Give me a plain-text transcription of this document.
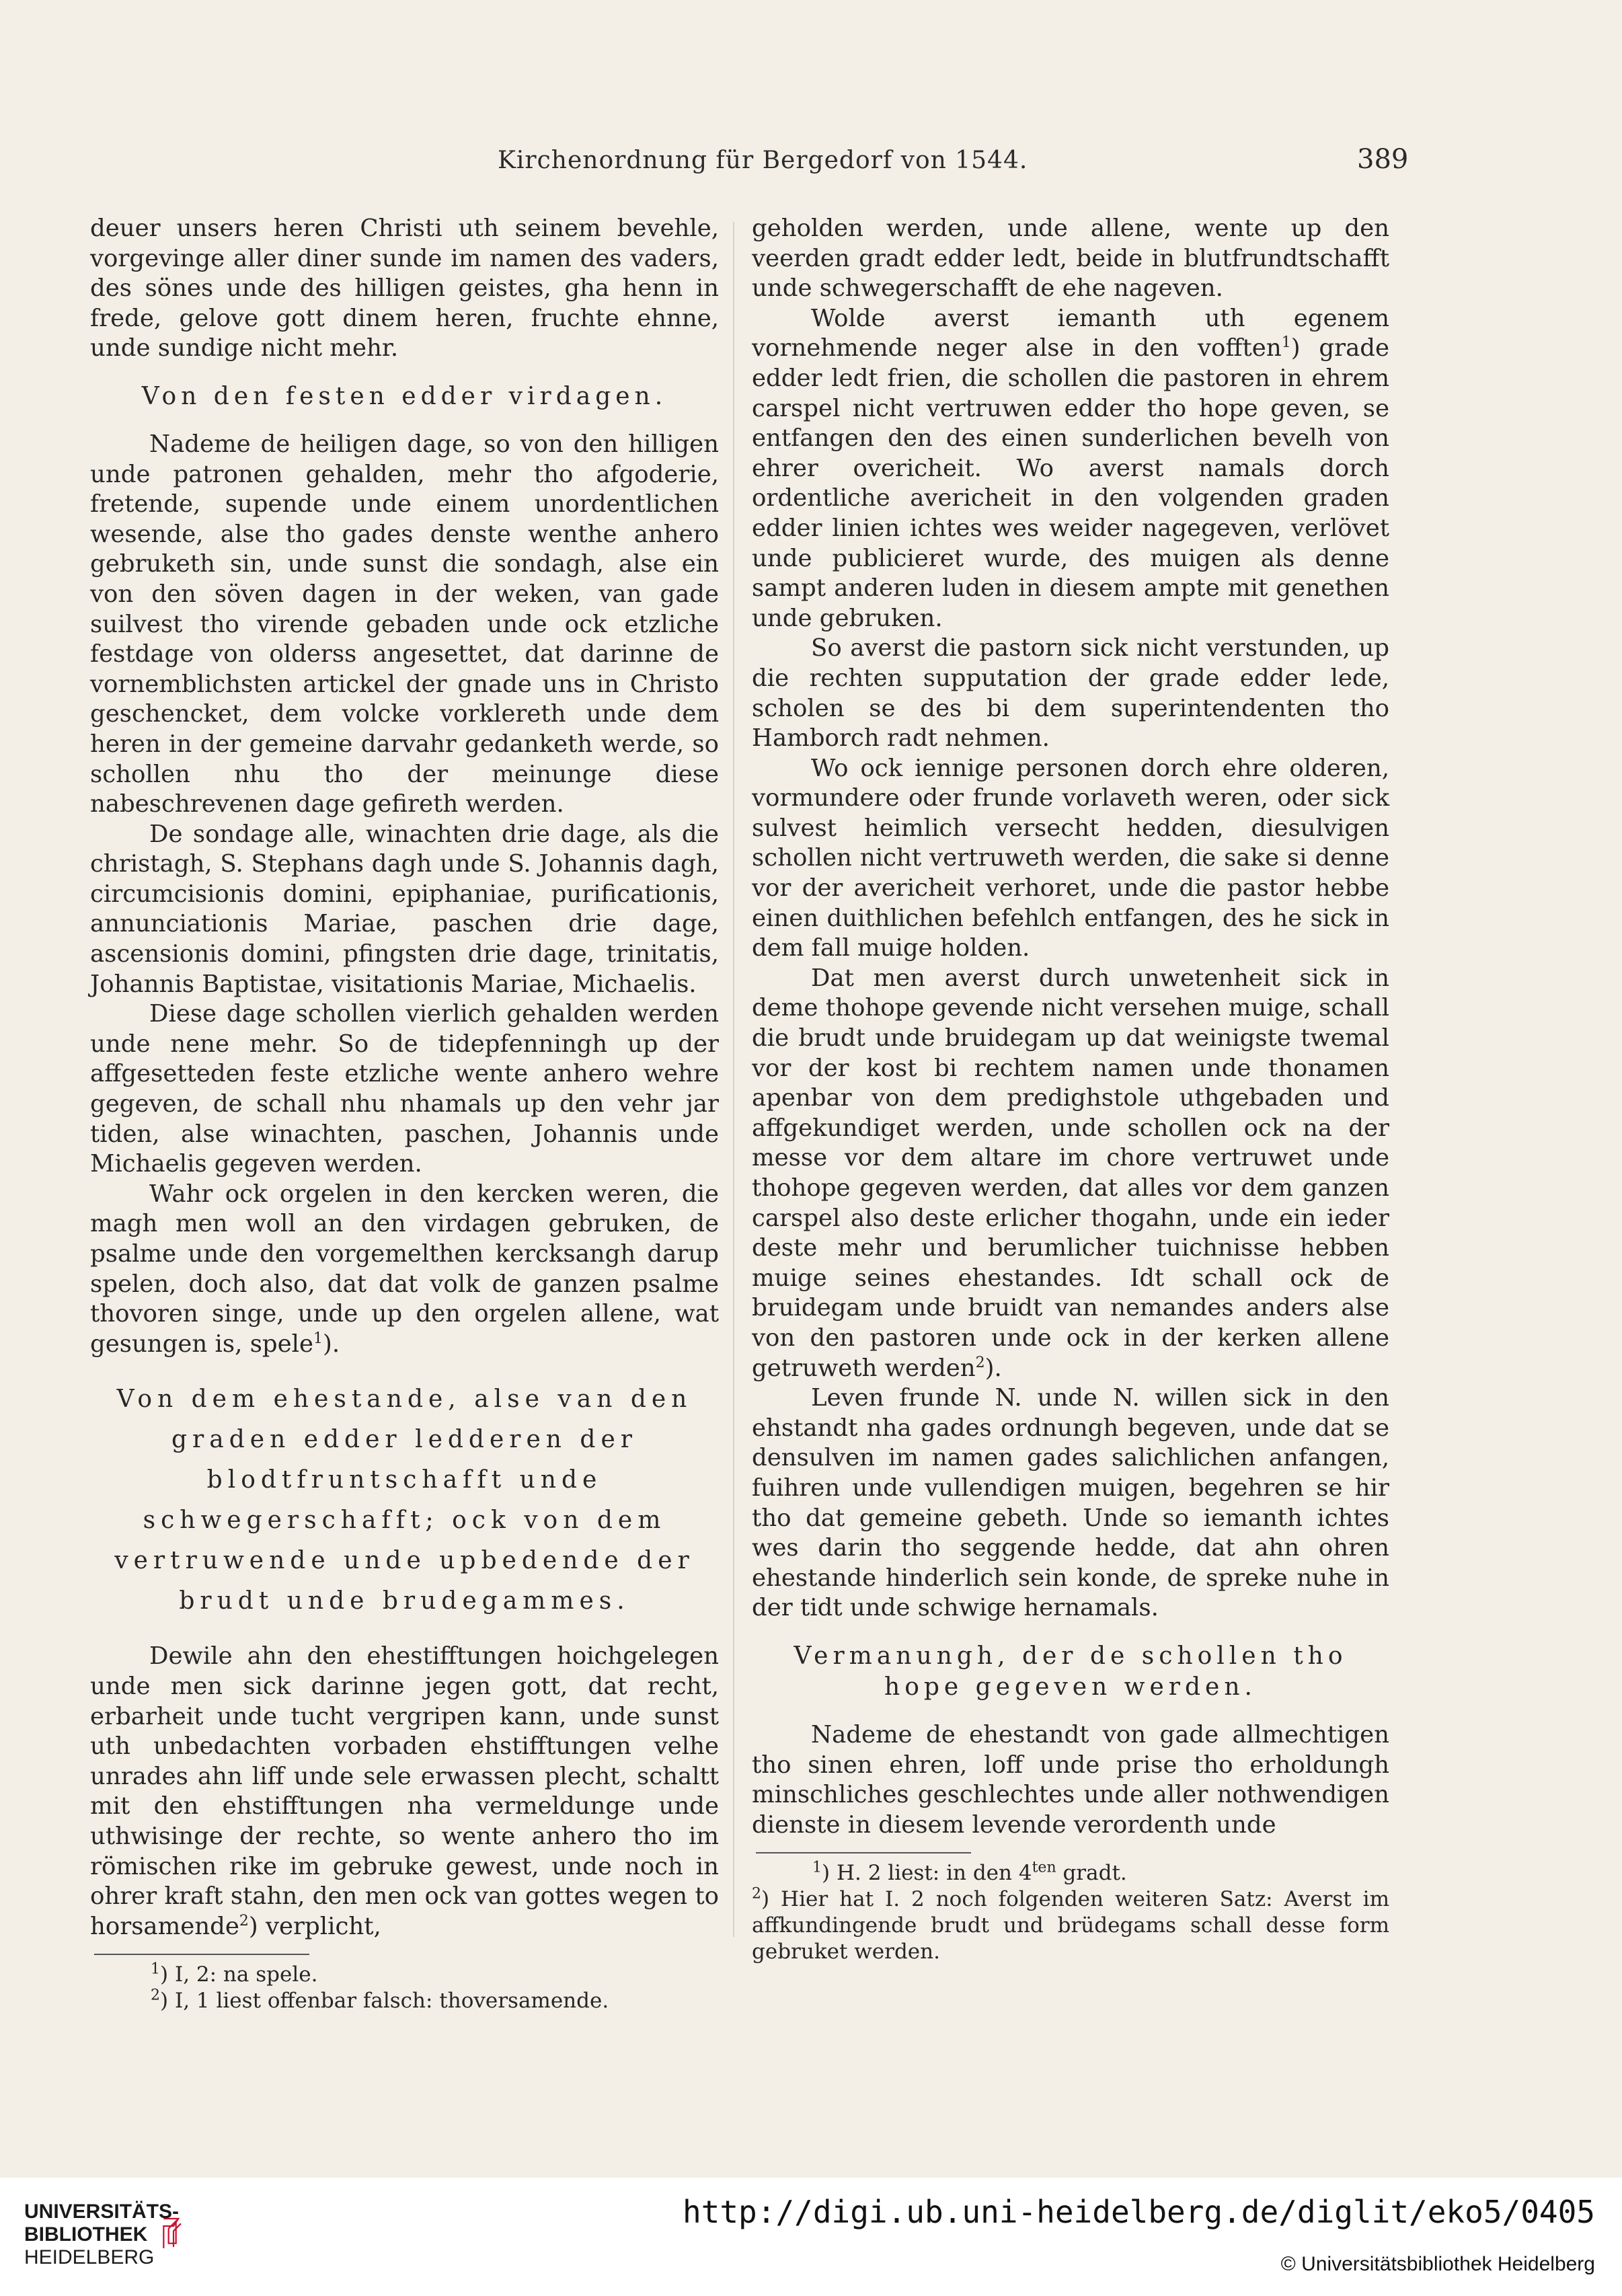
Kirchenordnung für Bergedorf von 1544.	389

deuer unsers heren Christi uth seinem bevehle, vorgevinge aller diner sunde im namen des vaders, des sönes unde des hilligen geistes, gha henn in frede, gelove gott dinem heren, fruchte ehnne, unde sundige nicht mehr.

Von den festen edder virdagen.

Nademe de heiligen dage, so von den hilligen unde patronen gehalden, mehr tho afgoderie, fretende, supende unde einem unordentlichen wesende, alse tho gades denste wenthe anhero gebruketh sin, unde sunst die sondagh, alse ein von den söven dagen in der weken, van gade suilvest tho virende gebaden unde ock etzliche festdage von olderss angesettet, dat darinne de vornemblichsten artickel der gnade uns in Christo geschencket, dem volcke vorklereth unde dem heren in der gemeine darvahr gedanketh werde, so schollen nhu tho der meinunge diese nabeschrevenen dage gefireth werden.

De sondage alle, winachten drie dage, als die christagh, S. Stephans dagh unde S. Johannis dagh, circumcisionis domini, epiphaniae, purificationis, annunciationis Mariae, paschen drie dage, ascensionis domini, pfingsten drie dage, trinitatis, Johannis Baptistae, visitationis Mariae, Michaelis.

Diese dage schollen vierlich gehalden werden unde nene mehr. So de tidepfenningh up der affgesetteden feste etzliche wente anhero wehre gegeven, de schall nhu nhamals up den vehr jar tiden, alse winachten, paschen, Johannis unde Michaelis gegeven werden.

Wahr ock orgelen in den kercken weren, die magh men woll an den virdagen gebruken, de psalme unde den vorgemelthen kercksangh darup spelen, doch also, dat dat volk de ganzen psalme thovoren singe, unde up den orgelen allene, wat gesungen is, spele$^1$).

Von dem ehestande, alse van den graden edder ledderen der blodtfruntschafft unde schwegerschafft; ock von dem vertruwende unde upbedende der brudt unde brudegammes.

Dewile ahn den ehestifftungen hoichgelegen unde men sick darinne jegen gott, dat recht, erbarheit unde tucht vergripen kann, unde sunst uth unbedachten vorbaden ehstifftungen velhe unrades ahn liff unde sele erwassen plecht, schaltt mit den ehstifftungen nha vermeldunge unde uthwisinge der rechte, so wente anhero tho im römischen rike im gebruke gewest, unde noch in ohrer kraft stahn, den men ock van gottes wegen to horsamende$^2$) verplicht,

$^1$) I, 2: na spele.

$^2$) I, 1 liest offenbar falsch: thoversamende.

geholden werden, unde allene, wente up den veerden gradt edder ledt, beide in blutfrundtschafft unde schwegerschafft de ehe nageven.

Wolde averst iemanth uth egenem vornehmende neger alse in den vofften$^1$) grade edder ledt frien, die schollen die pastoren in ehrem carspel nicht vertruwen edder tho hope geven, se entfangen den des einen sunderlichen bevelh von ehrer overicheit. Wo averst namals dorch ordentliche avericheit in den volgenden graden edder linien ichtes wes weider nagegeven, verlövet unde publicieret wurde, des muigen als denne sampt anderen luden in diesem ampte mit genethen unde gebruken.

So averst die pastorn sick nicht verstunden, up die rechten supputation der grade edder lede, scholen se des bi dem superintendenten tho Hamborch radt nehmen.

Wo ock iennige personen dorch ehre olderen, vormundere oder frunde vorlaveth weren, oder sick sulvest heimlich versecht hedden, diesulvigen schollen nicht vertruweth werden, die sake si denne vor der avericheit verhoret, unde die pastor hebbe einen duithlichen befehlch entfangen, des he sick in dem fall muige holden.

Dat men averst durch unwetenheit sick in deme thohope gevende nicht versehen muige, schall die brudt unde bruidegam up dat weinigste twemal vor der kost bi rechtem namen unde thonamen apenbar von dem predighstole uthgebaden und affgekundiget werden, unde schollen ock na der messe vor dem altare im chore vertruwet unde thohope gegeven werden, dat alles vor dem ganzen carspel also deste erlicher thogahn, unde ein ieder deste mehr und berumlicher tuichnisse hebben muige seines ehestandes. Idt schall ock de bruidegam unde bruidt van nemandes anders alse von den pastoren unde ock in der kerken allene getruweth werden$^2$).

Leven frunde N. unde N. willen sick in den ehstandt nha gades ordnungh begeven, unde dat se densulven im namen gades salichlichen anfangen, fuihren unde vullendigen muigen, begehren se hir tho dat gemeine gebeth. Unde so iemanth ichtes wes darin tho seggende hedde, dat ahn ohren ehestande hinderlich sein konde, de spreke nuhe in der tidt unde schwige hernamals.

Vermanungh, der de schollen tho hope gegeven werden.

Nademe de ehestandt von gade allmechtigen tho sinen ehren, loff unde prise tho erholdungh minschliches geschlechtes unde aller nothwendigen dienste in diesem levende verordenth unde

$^1$) H. 2 liest: in den $4^{ten}$ gradt.

$^2$) Hier hat I. 2 noch folgenden weiteren Satz: Averst im affkundingende brudt und brüdegams schall desse form gebruket werden.

UNIVERSITÄTS-
BIBLIOTHEK
HEIDELBERG
http://digi.ub.uni-heidelberg.de/diglit/eko5/0405
© Universitätsbibliothek Heidelberg
